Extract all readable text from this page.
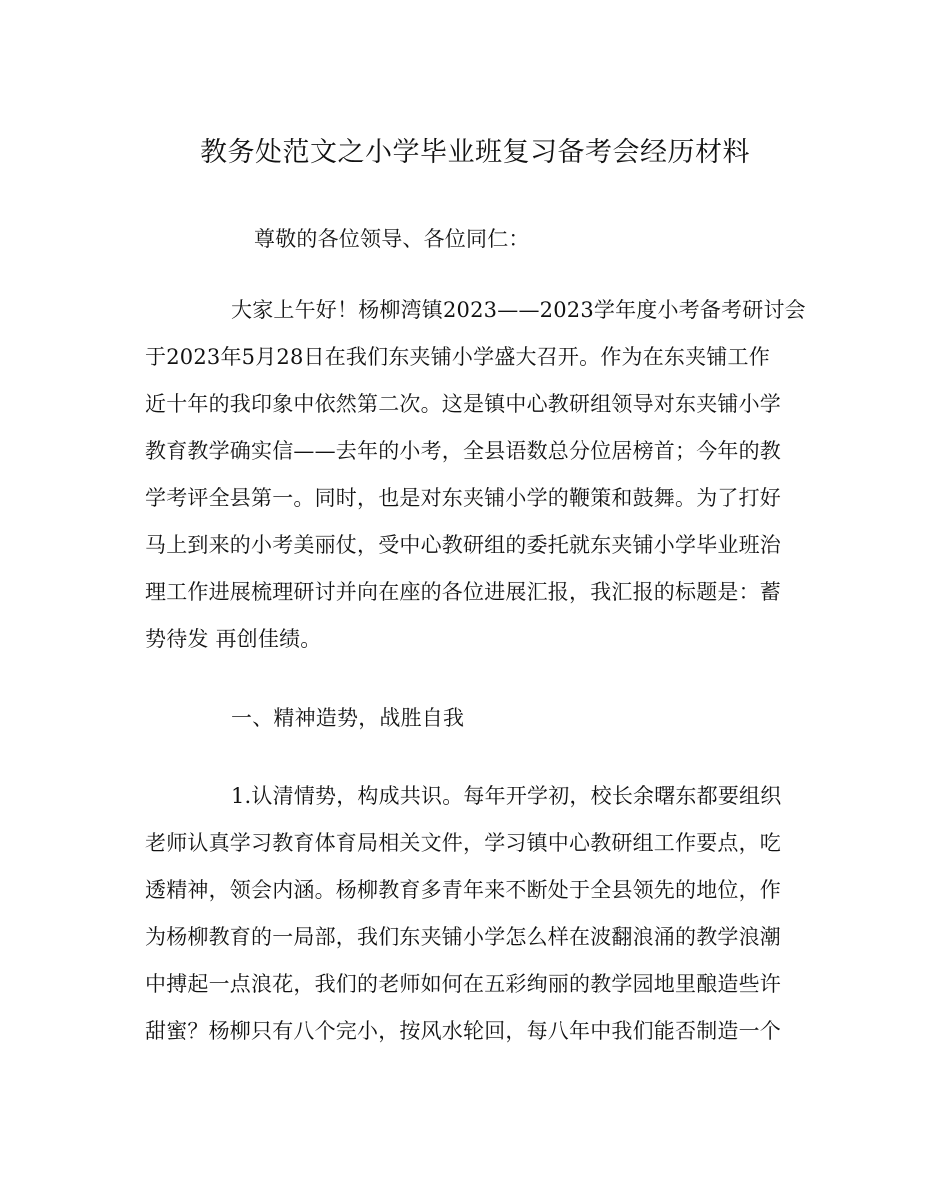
教务处范文之小学毕业班复习备考会经历材料
尊敬的各位领导、各位同仁：
大家上午好！杨柳湾镇2023——2023学年度小考备考研讨会
于2023年5月28日在我们东夹铺小学盛大召开。作为在东夹铺工作
近十年的我印象中依然第二次。这是镇中心教研组领导对东夹铺小学
教育教学确实信——去年的小考，全县语数总分位居榜首；今年的教
学考评全县第一。同时，也是对东夹铺小学的鞭策和鼓舞。为了打好
马上到来的小考美丽仗，受中心教研组的委托就东夹铺小学毕业班治
理工作进展梳理研讨并向在座的各位进展汇报，我汇报的标题是：蓄
势待发 再创佳绩。
一、精神造势，战胜自我
1.认清情势，构成共识。每年开学初，校长余曙东都要组织
老师认真学习教育体育局相关文件，学习镇中心教研组工作要点，吃
透精神，领会内涵。杨柳教育多青年来不断处于全县领先的地位，作
为杨柳教育的一局部，我们东夹铺小学怎么样在波翻浪涌的教学浪潮
中搏起一点浪花，我们的老师如何在五彩绚丽的教学园地里酿造些许
甜蜜？杨柳只有八个完小，按风水轮回，每八年中我们能否制造一个
